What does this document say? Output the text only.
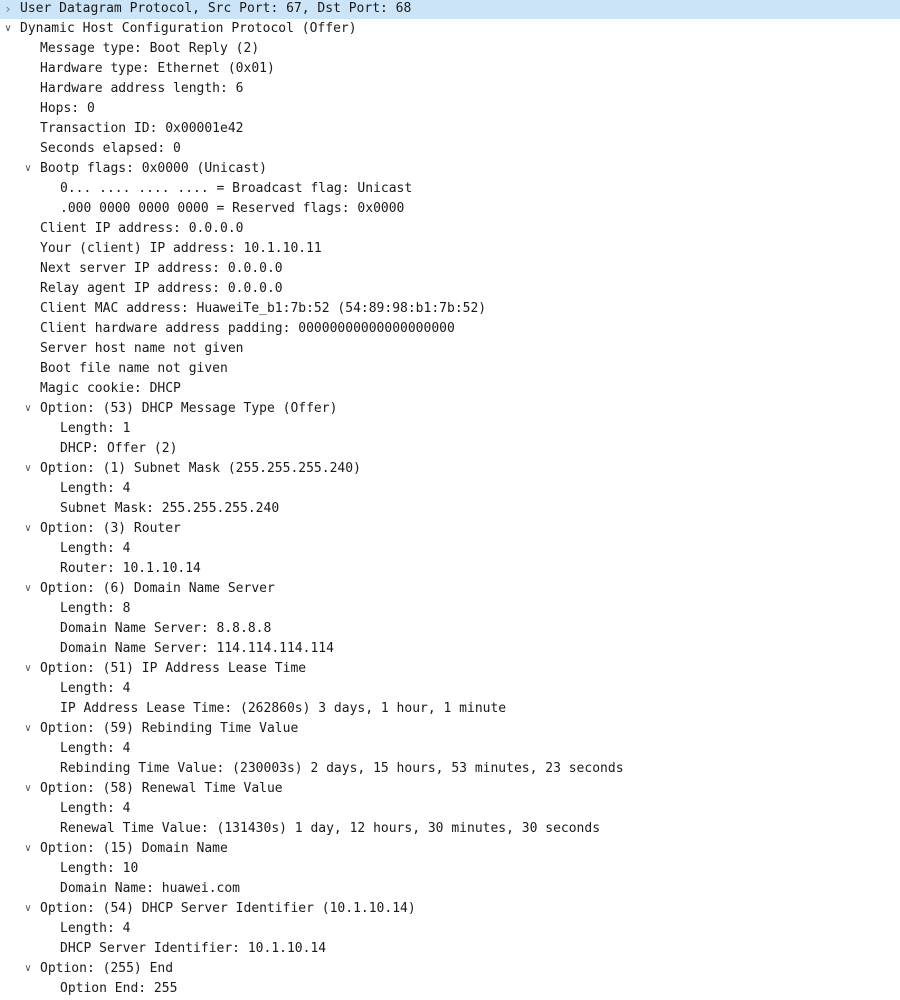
› User Datagram Protocol, Src Port: 67, Dst Port: 68
∨ Dynamic Host Configuration Protocol (Offer)
Message type: Boot Reply (2)
Hardware type: Ethernet (0x01)
Hardware address length: 6
Hops: 0
Transaction ID: 0x00001e42
Seconds elapsed: 0
∨ Bootp flags: 0x0000 (Unicast)
0... .... .... .... = Broadcast flag: Unicast
.000 0000 0000 0000 = Reserved flags: 0x0000
Client IP address: 0.0.0.0
Your (client) IP address: 10.1.10.11
Next server IP address: 0.0.0.0
Relay agent IP address: 0.0.0.0
Client MAC address: HuaweiTe_b1:7b:52 (54:89:98:b1:7b:52)
Client hardware address padding: 00000000000000000000
Server host name not given
Boot file name not given
Magic cookie: DHCP
∨ Option: (53) DHCP Message Type (Offer)
Length: 1
DHCP: Offer (2)
∨ Option: (1) Subnet Mask (255.255.255.240)
Length: 4
Subnet Mask: 255.255.255.240
∨ Option: (3) Router
Length: 4
Router: 10.1.10.14
∨ Option: (6) Domain Name Server
Length: 8
Domain Name Server: 8.8.8.8
Domain Name Server: 114.114.114.114
∨ Option: (51) IP Address Lease Time
Length: 4
IP Address Lease Time: (262860s) 3 days, 1 hour, 1 minute
∨ Option: (59) Rebinding Time Value
Length: 4
Rebinding Time Value: (230003s) 2 days, 15 hours, 53 minutes, 23 seconds
∨ Option: (58) Renewal Time Value
Length: 4
Renewal Time Value: (131430s) 1 day, 12 hours, 30 minutes, 30 seconds
∨ Option: (15) Domain Name
Length: 10
Domain Name: huawei.com
∨ Option: (54) DHCP Server Identifier (10.1.10.14)
Length: 4
DHCP Server Identifier: 10.1.10.14
∨ Option: (255) End
Option End: 255
